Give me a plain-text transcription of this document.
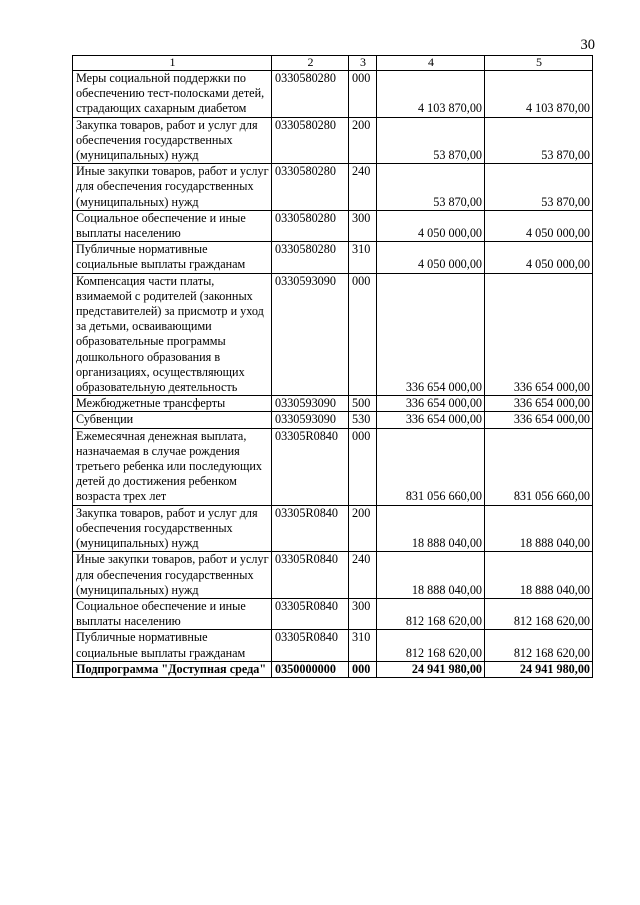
30
1	2	3	4	5
Меры социальной поддержки по обеспечению тест-полосками детей, страдающих сахарным диабетом	0330580280	000	4 103 870,00	4 103 870,00
Закупка товаров, работ и услуг для обеспечения государственных (муниципальных) нужд	0330580280	200	53 870,00	53 870,00
Иные закупки товаров, работ и услуг для обеспечения государственных (муниципальных) нужд	0330580280	240	53 870,00	53 870,00
Социальное обеспечение и иные выплаты населению	0330580280	300	4 050 000,00	4 050 000,00
Публичные нормативные социальные выплаты гражданам	0330580280	310	4 050 000,00	4 050 000,00
Компенсация части платы, взимаемой с родителей (законных представителей) за присмотр и уход за детьми, осваивающими образовательные программы дошкольного образования в организациях, осуществляющих образовательную деятельность	0330593090	000	336 654 000,00	336 654 000,00
Межбюджетные трансферты	0330593090	500	336 654 000,00	336 654 000,00
Субвенции	0330593090	530	336 654 000,00	336 654 000,00
Ежемесячная денежная выплата, назначаемая в случае рождения третьего ребенка или последующих детей до достижения ребенком возраста трех лет	03305R0840	000	831 056 660,00	831 056 660,00
Закупка товаров, работ и услуг для обеспечения государственных (муниципальных) нужд	03305R0840	200	18 888 040,00	18 888 040,00
Иные закупки товаров, работ и услуг для обеспечения государственных (муниципальных) нужд	03305R0840	240	18 888 040,00	18 888 040,00
Социальное обеспечение и иные выплаты населению	03305R0840	300	812 168 620,00	812 168 620,00
Публичные нормативные социальные выплаты гражданам	03305R0840	310	812 168 620,00	812 168 620,00
Подпрограмма "Доступная среда"	0350000000	000	24 941 980,00	24 941 980,00
